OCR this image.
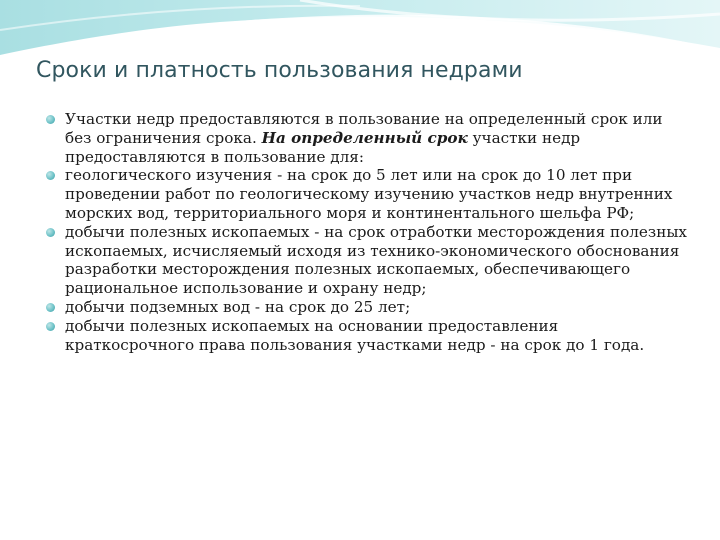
Сроки и платность пользования недрами
Участки недр предоставляются в пользование на определенный срок или без ограничения срока. На определенный срок участки недр предоставляются в пользование для:
геологического изучения - на срок до 5 лет или на срок до 10 лет при проведении работ по геологическому изучению участков недр внутренних морских вод, территориального моря и континентального шельфа РФ;
добычи полезных ископаемых - на срок отработки месторождения полезных ископаемых, исчисляемый исходя из технико-экономического обоснования разработки месторождения полезных ископаемых, обеспечивающего рациональное использование и охрану недр;
добычи подземных вод - на срок до 25 лет;
добычи полезных ископаемых на основании предоставления краткосрочного права пользования участками недр - на срок до 1 года.
